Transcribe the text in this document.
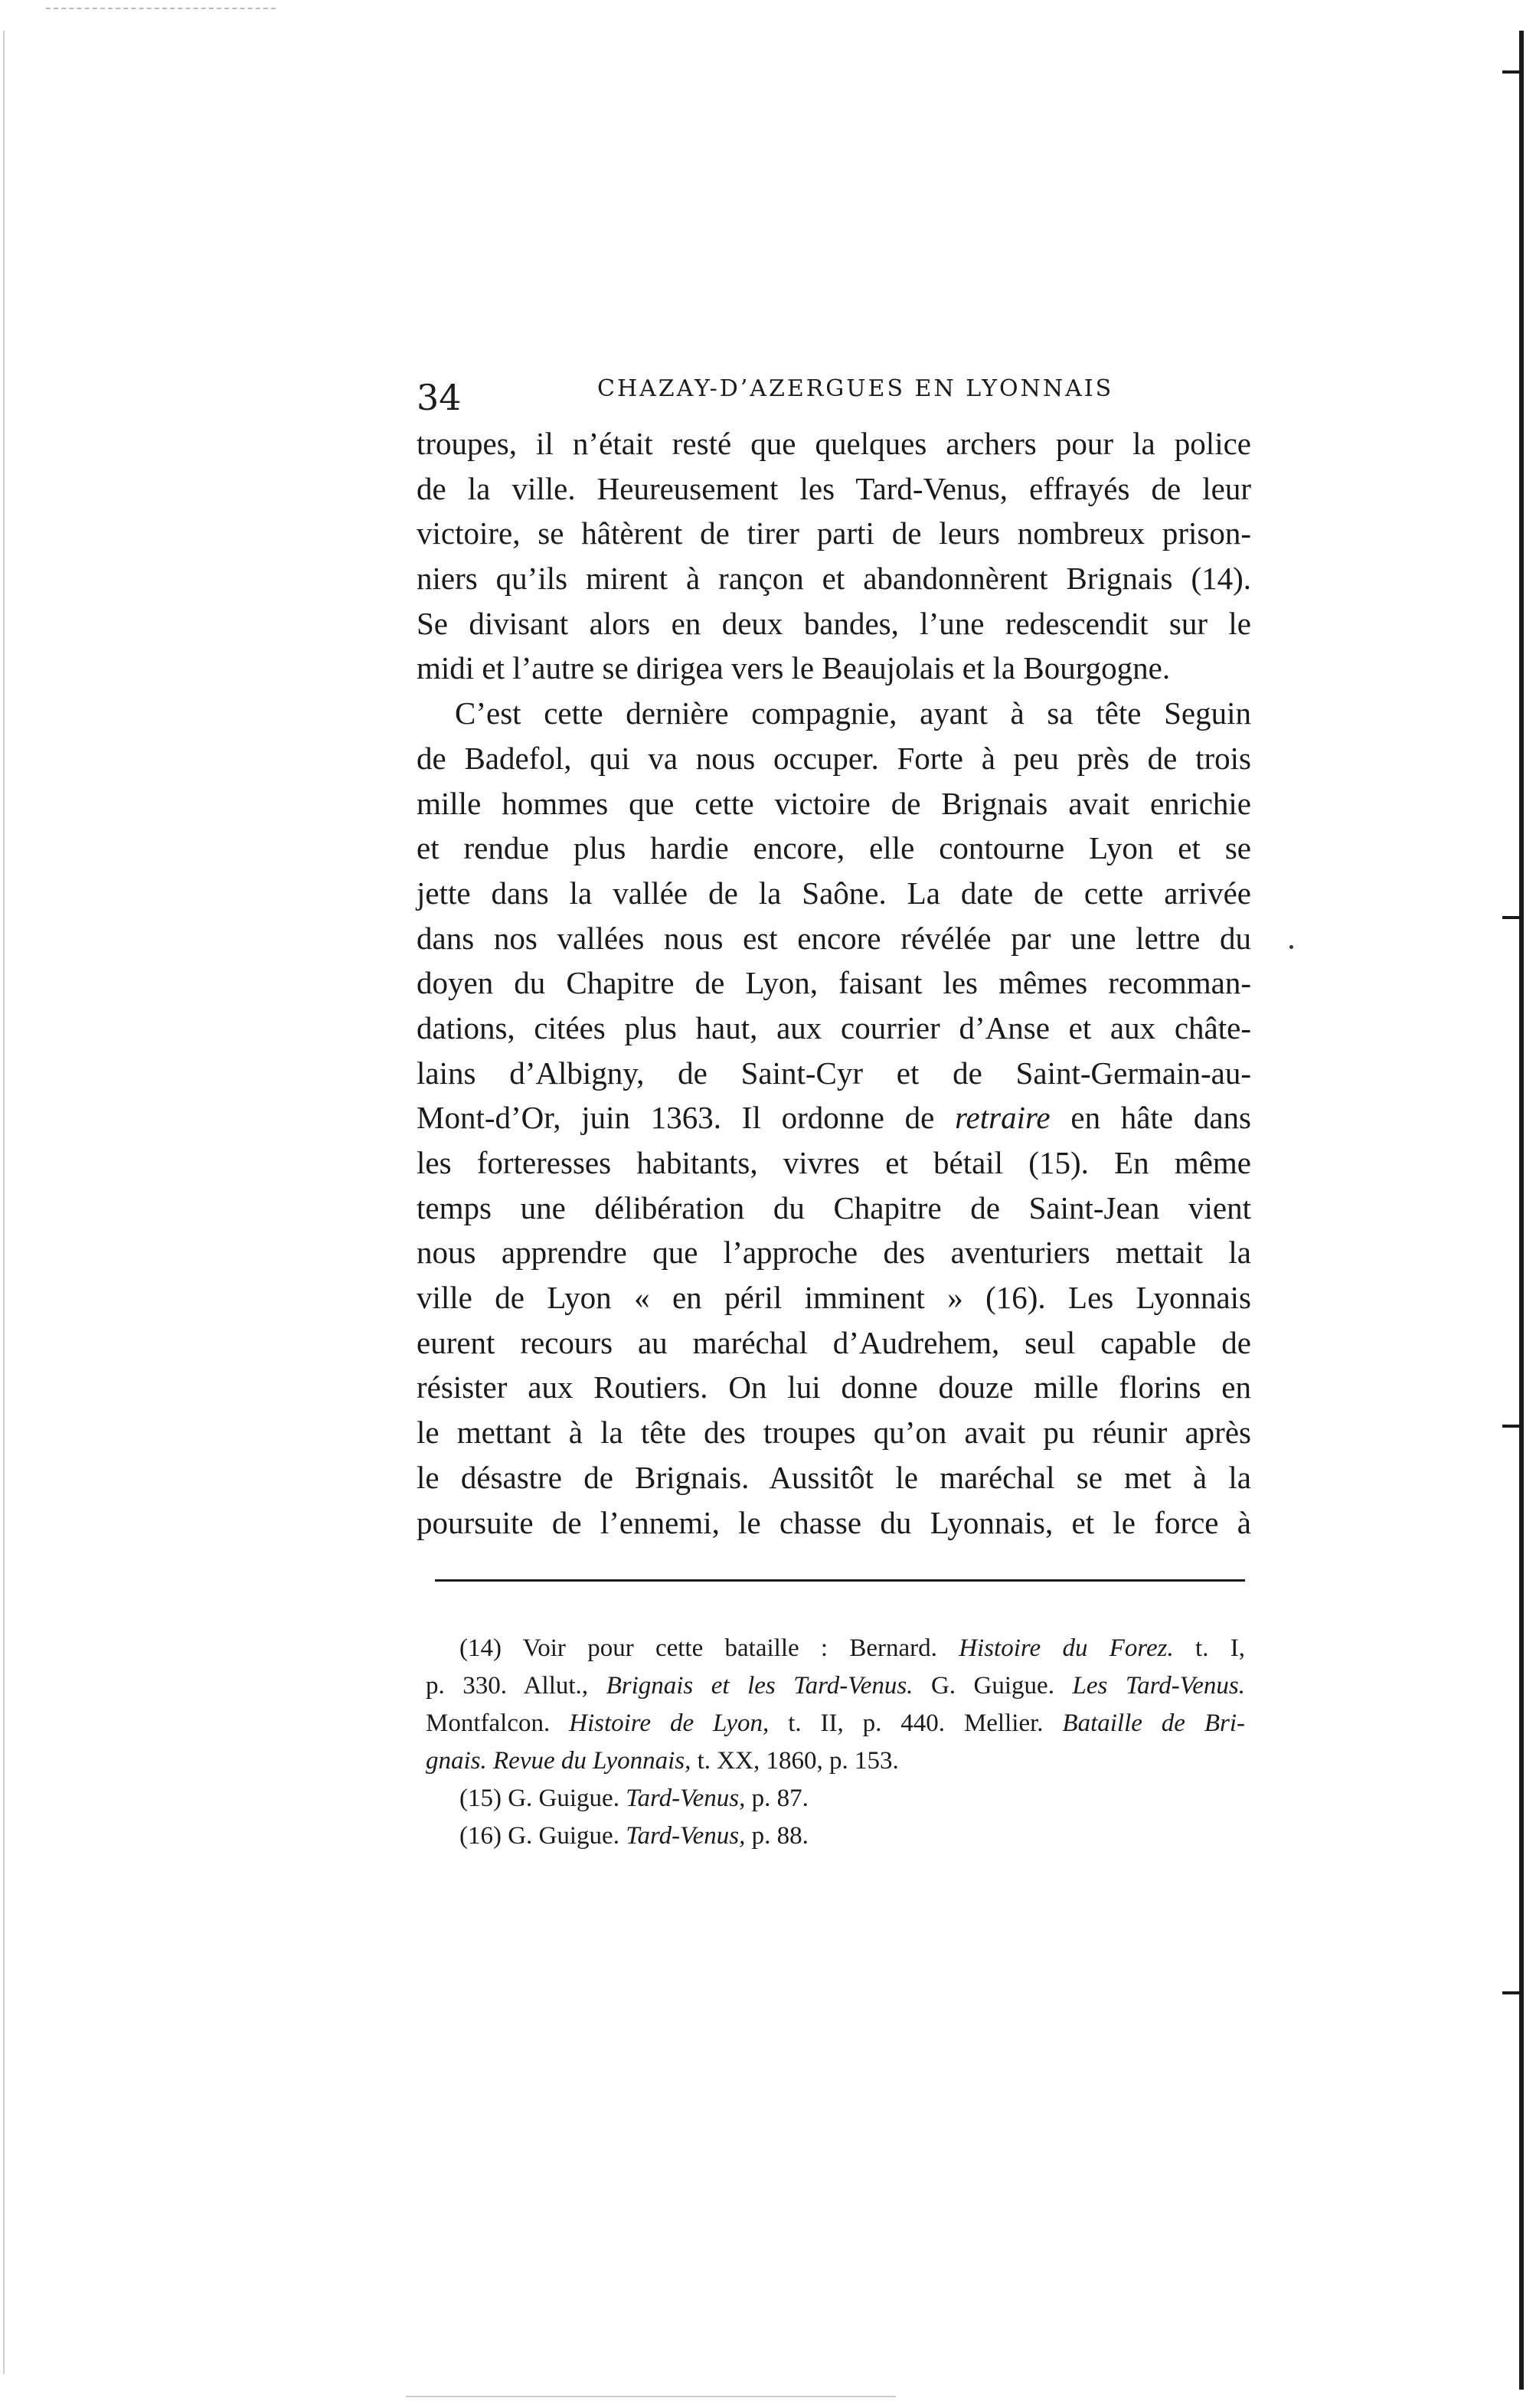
34	CHAZAY-D’AZERGUES EN LYONNAIS
troupes, il n’était resté que quelques archers pour la police
de la ville. Heureusement les Tard-Venus, effrayés de leur
victoire, se hâtèrent de tirer parti de leurs nombreux prison-
niers qu’ils mirent à rançon et abandonnèrent Brignais (14).
Se divisant alors en deux bandes, l’une redescendit sur le
midi et l’autre se dirigea vers le Beaujolais et la Bourgogne.
C’est cette dernière compagnie, ayant à sa tête Seguin
de Badefol, qui va nous occuper. Forte à peu près de trois
mille hommes que cette victoire de Brignais avait enrichie
et rendue plus hardie encore, elle contourne Lyon et se
jette dans la vallée de la Saône. La date de cette arrivée
dans nos vallées nous est encore révélée par une lettre du
doyen du Chapitre de Lyon, faisant les mêmes recomman-
dations, citées plus haut, aux courrier d’Anse et aux châte-
lains d’Albigny, de Saint-Cyr et de Saint-Germain-au-
Mont-d’Or, juin 1363. Il ordonne de retraire en hâte dans
les forteresses habitants, vivres et bétail (15). En même
temps une délibération du Chapitre de Saint-Jean vient
nous apprendre que l’approche des aventuriers mettait la
ville de Lyon « en péril imminent » (16). Les Lyonnais
eurent recours au maréchal d’Audrehem, seul capable de
résister aux Routiers. On lui donne douze mille florins en
le mettant à la tête des troupes qu’on avait pu réunir après
le désastre de Brignais. Aussitôt le maréchal se met à la
poursuite de l’ennemi, le chasse du Lyonnais, et le force à
(14) Voir pour cette bataille : Bernard. Histoire du Forez. t. I,
p. 330. Allut., Brignais et les Tard-Venus. G. Guigue. Les Tard-Venus.
Montfalcon. Histoire de Lyon, t. II, p. 440. Mellier. Bataille de Bri-
gnais. Revue du Lyonnais, t. XX, 1860, p. 153.
(15) G. Guigue. Tard-Venus, p. 87.
(16) G. Guigue. Tard-Venus, p. 88.
